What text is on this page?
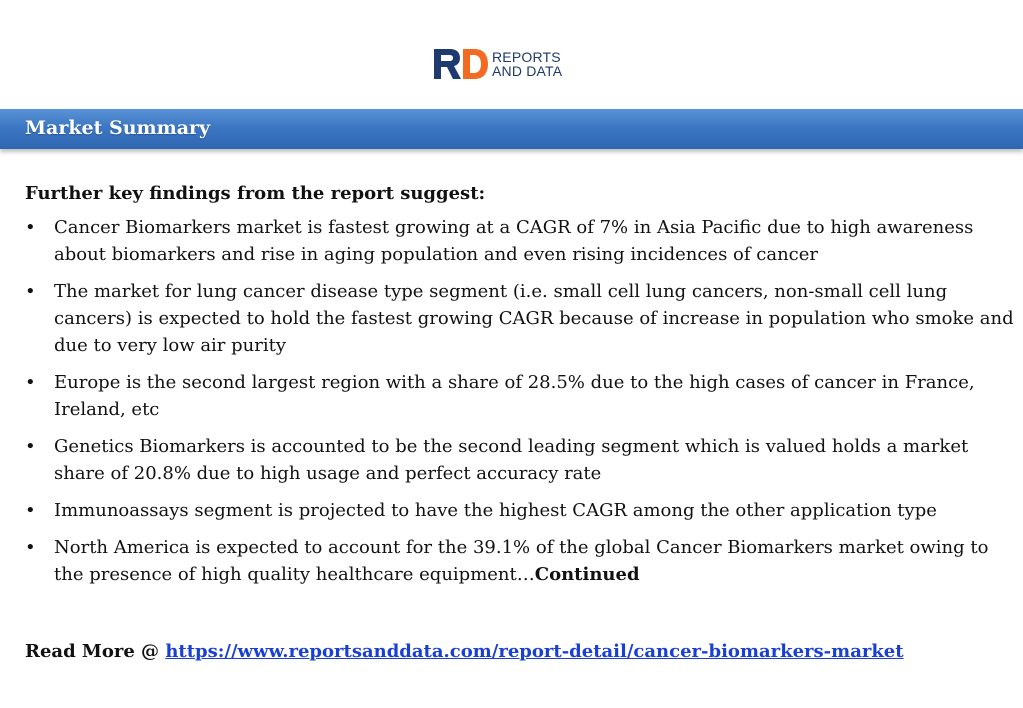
REPORTS
AND DATA
Market Summary

Further key findings from the report suggest:

• Cancer Biomarkers market is fastest growing at a CAGR of 7% in Asia Pacific due to high awareness about biomarkers and rise in aging population and even rising incidences of cancer
• The market for lung cancer disease type segment (i.e. small cell lung cancers, non-small cell lung cancers) is expected to hold the fastest growing CAGR because of increase in population who smoke and due to very low air purity
• Europe is the second largest region with a share of 28.5% due to the high cases of cancer in France, Ireland, etc
• Genetics Biomarkers is accounted to be the second leading segment which is valued holds a market share of 20.8% due to high usage and perfect accuracy rate
• Immunoassays segment is projected to have the highest CAGR among the other application type
• North America is expected to account for the 39.1% of the global Cancer Biomarkers market owing to the presence of high quality healthcare equipment…Continued
Read More @ https://www.reportsanddata.com/report-detail/cancer-biomarkers-market
